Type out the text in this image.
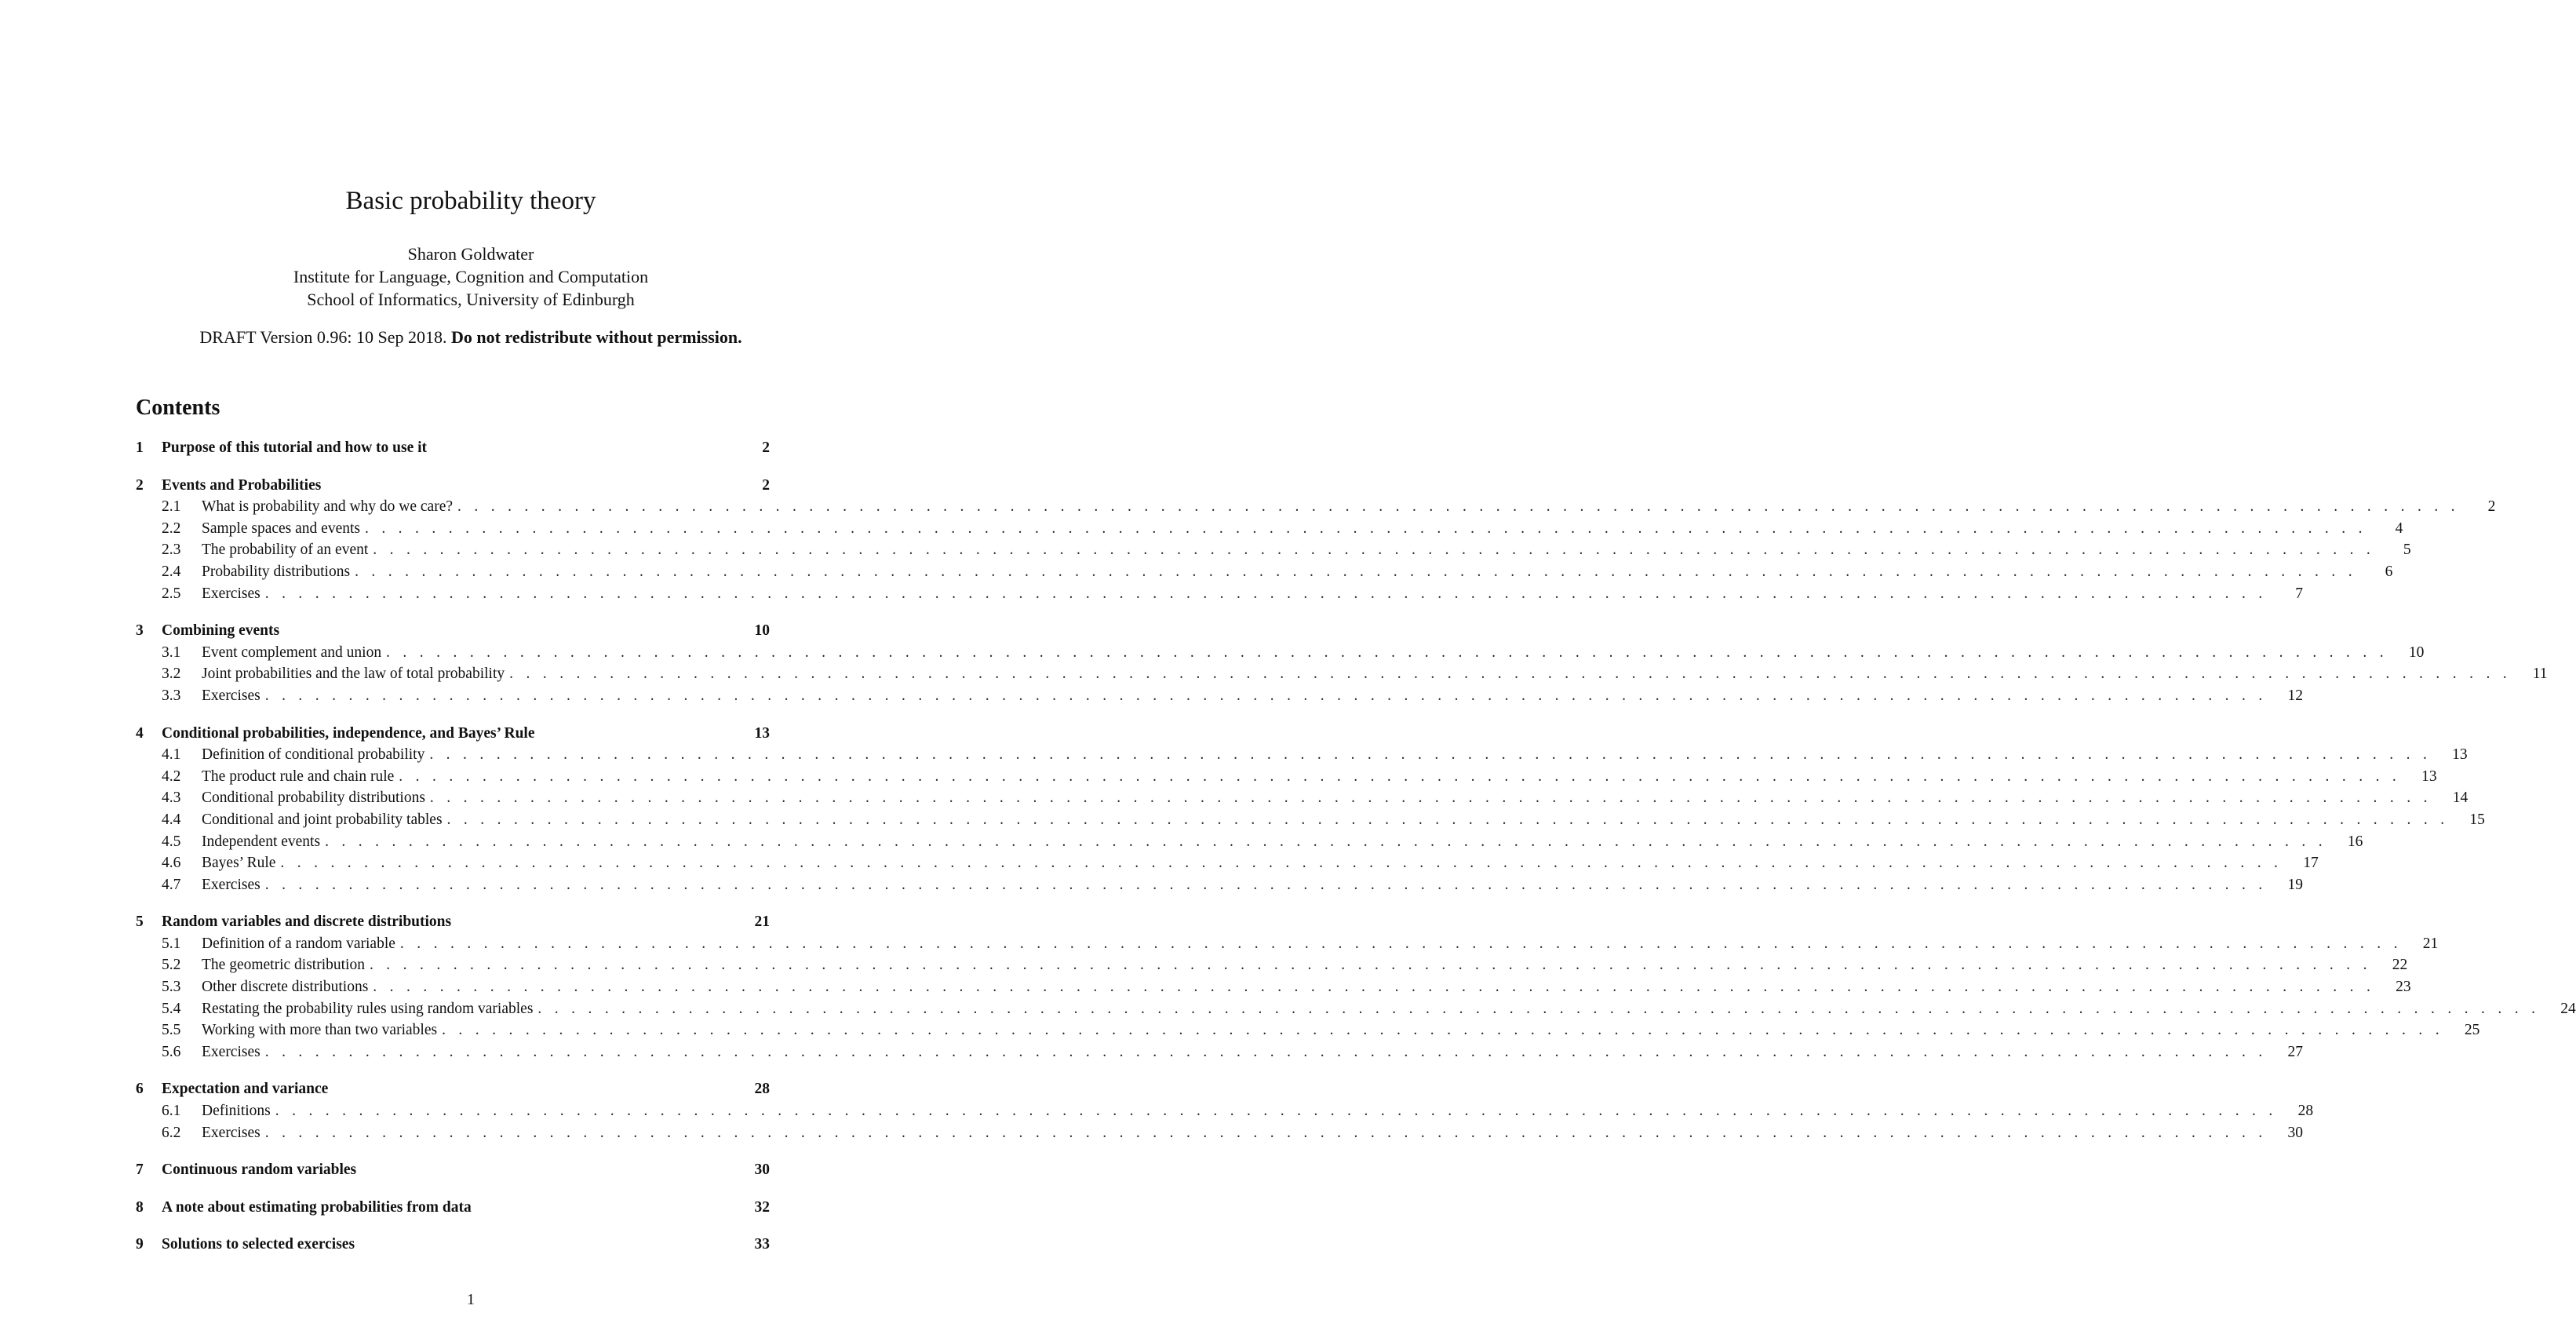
Basic probability theory
Sharon Goldwater
Institute for Language, Cognition and Computation
School of Informatics, University of Edinburgh
DRAFT Version 0.96: 10 Sep 2018. Do not redistribute without permission.
Contents
1	Purpose of this tutorial and how to use it	2
2	Events and Probabilities	2
2.1	What is probability and why do we care? . . . . . . . . . . . . . . . . . . . . . . . . . . . . . . . . . . . . . . . . . . . . . . . . . . . . . . . . . . . . . . . . . . . . . . . . . . . . . . . . . . . . . . . . . . . . . . . . . . . . . . . . . . . . . . . . . . . . . . . .	2
2.2	Sample spaces and events . . . . . . . . . . . . . . . . . . . . . . . . . . . . . . . . . . . . . . . . . . . . . . . . . . . . . . . . . . . . . . . . . . . . . . . . . . . . . . . . . . . . . . . . . . . . . . . . . . . . . . . . . . . . . . . . . . . . . . . .	4
2.3	The probability of an event . . . . . . . . . . . . . . . . . . . . . . . . . . . . . . . . . . . . . . . . . . . . . . . . . . . . . . . . . . . . . . . . . . . . . . . . . . . . . . . . . . . . . . . . . . . . . . . . . . . . . . . . . . . . . . . . . . . . . . . .	5
2.4	Probability distributions . . . . . . . . . . . . . . . . . . . . . . . . . . . . . . . . . . . . . . . . . . . . . . . . . . . . . . . . . . . . . . . . . . . . . . . . . . . . . . . . . . . . . . . . . . . . . . . . . . . . . . . . . . . . . . . . . . . . . . . .	6
2.5	Exercises . . . . . . . . . . . . . . . . . . . . . . . . . . . . . . . . . . . . . . . . . . . . . . . . . . . . . . . . . . . . . . . . . . . . . . . . . . . . . . . . . . . . . . . . . . . . . . . . . . . . . . . . . . . . . . . . . . . . . . . .	7
3	Combining events	10
3.1	Event complement and union . . . . . . . . . . . . . . . . . . . . . . . . . . . . . . . . . . . . . . . . . . . . . . . . . . . . . . . . . . . . . . . . . . . . . . . . . . . . . . . . . . . . . . . . . . . . . . . . . . . . . . . . . . . . . . . . . . . . . . . .	10
3.2	Joint probabilities and the law of total probability . . . . . . . . . . . . . . . . . . . . . . . . . . . . . . . . . . . . . . . . . . . . . . . . . . . . . . . . . . . . . . . . . . . . . . . . . . . . . . . . . . . . . . . . . . . . . . . . . . . . . . . . . . . . . . . . . . . . . . . .	11
3.3	Exercises . . . . . . . . . . . . . . . . . . . . . . . . . . . . . . . . . . . . . . . . . . . . . . . . . . . . . . . . . . . . . . . . . . . . . . . . . . . . . . . . . . . . . . . . . . . . . . . . . . . . . . . . . . . . . . . . . . . . . . . .	12
4	Conditional probabilities, independence, and Bayes’ Rule	13
4.1	Definition of conditional probability . . . . . . . . . . . . . . . . . . . . . . . . . . . . . . . . . . . . . . . . . . . . . . . . . . . . . . . . . . . . . . . . . . . . . . . . . . . . . . . . . . . . . . . . . . . . . . . . . . . . . . . . . . . . . . . . . . . . . . . .	13
4.2	The product rule and chain rule . . . . . . . . . . . . . . . . . . . . . . . . . . . . . . . . . . . . . . . . . . . . . . . . . . . . . . . . . . . . . . . . . . . . . . . . . . . . . . . . . . . . . . . . . . . . . . . . . . . . . . . . . . . . . . . . . . . . . . . .	13
4.3	Conditional probability distributions . . . . . . . . . . . . . . . . . . . . . . . . . . . . . . . . . . . . . . . . . . . . . . . . . . . . . . . . . . . . . . . . . . . . . . . . . . . . . . . . . . . . . . . . . . . . . . . . . . . . . . . . . . . . . . . . . . . . . . . .	14
4.4	Conditional and joint probability tables . . . . . . . . . . . . . . . . . . . . . . . . . . . . . . . . . . . . . . . . . . . . . . . . . . . . . . . . . . . . . . . . . . . . . . . . . . . . . . . . . . . . . . . . . . . . . . . . . . . . . . . . . . . . . . . . . . . . . . . .	15
4.5	Independent events . . . . . . . . . . . . . . . . . . . . . . . . . . . . . . . . . . . . . . . . . . . . . . . . . . . . . . . . . . . . . . . . . . . . . . . . . . . . . . . . . . . . . . . . . . . . . . . . . . . . . . . . . . . . . . . . . . . . . . . .	16
4.6	Bayes’ Rule . . . . . . . . . . . . . . . . . . . . . . . . . . . . . . . . . . . . . . . . . . . . . . . . . . . . . . . . . . . . . . . . . . . . . . . . . . . . . . . . . . . . . . . . . . . . . . . . . . . . . . . . . . . . . . . . . . . . . . . .	17
4.7	Exercises . . . . . . . . . . . . . . . . . . . . . . . . . . . . . . . . . . . . . . . . . . . . . . . . . . . . . . . . . . . . . . . . . . . . . . . . . . . . . . . . . . . . . . . . . . . . . . . . . . . . . . . . . . . . . . . . . . . . . . . .	19
5	Random variables and discrete distributions	21
5.1	Definition of a random variable . . . . . . . . . . . . . . . . . . . . . . . . . . . . . . . . . . . . . . . . . . . . . . . . . . . . . . . . . . . . . . . . . . . . . . . . . . . . . . . . . . . . . . . . . . . . . . . . . . . . . . . . . . . . . . . . . . . . . . . .	21
5.2	The geometric distribution . . . . . . . . . . . . . . . . . . . . . . . . . . . . . . . . . . . . . . . . . . . . . . . . . . . . . . . . . . . . . . . . . . . . . . . . . . . . . . . . . . . . . . . . . . . . . . . . . . . . . . . . . . . . . . . . . . . . . . . .	22
5.3	Other discrete distributions . . . . . . . . . . . . . . . . . . . . . . . . . . . . . . . . . . . . . . . . . . . . . . . . . . . . . . . . . . . . . . . . . . . . . . . . . . . . . . . . . . . . . . . . . . . . . . . . . . . . . . . . . . . . . . . . . . . . . . . .	23
5.4	Restating the probability rules using random variables . . . . . . . . . . . . . . . . . . . . . . . . . . . . . . . . . . . . . . . . . . . . . . . . . . . . . . . . . . . . . . . . . . . . . . . . . . . . . . . . . . . . . . . . . . . . . . . . . . . . . . . . . . . . . . . . . . . . . . . .	24
5.5	Working with more than two variables . . . . . . . . . . . . . . . . . . . . . . . . . . . . . . . . . . . . . . . . . . . . . . . . . . . . . . . . . . . . . . . . . . . . . . . . . . . . . . . . . . . . . . . . . . . . . . . . . . . . . . . . . . . . . . . . . . . . . . . .	25
5.6	Exercises . . . . . . . . . . . . . . . . . . . . . . . . . . . . . . . . . . . . . . . . . . . . . . . . . . . . . . . . . . . . . . . . . . . . . . . . . . . . . . . . . . . . . . . . . . . . . . . . . . . . . . . . . . . . . . . . . . . . . . . .	27
6	Expectation and variance	28
6.1	Definitions . . . . . . . . . . . . . . . . . . . . . . . . . . . . . . . . . . . . . . . . . . . . . . . . . . . . . . . . . . . . . . . . . . . . . . . . . . . . . . . . . . . . . . . . . . . . . . . . . . . . . . . . . . . . . . . . . . . . . . . .	28
6.2	Exercises . . . . . . . . . . . . . . . . . . . . . . . . . . . . . . . . . . . . . . . . . . . . . . . . . . . . . . . . . . . . . . . . . . . . . . . . . . . . . . . . . . . . . . . . . . . . . . . . . . . . . . . . . . . . . . . . . . . . . . . .	30
7	Continuous random variables	30
8	A note about estimating probabilities from data	32
9	Solutions to selected exercises	33
1
